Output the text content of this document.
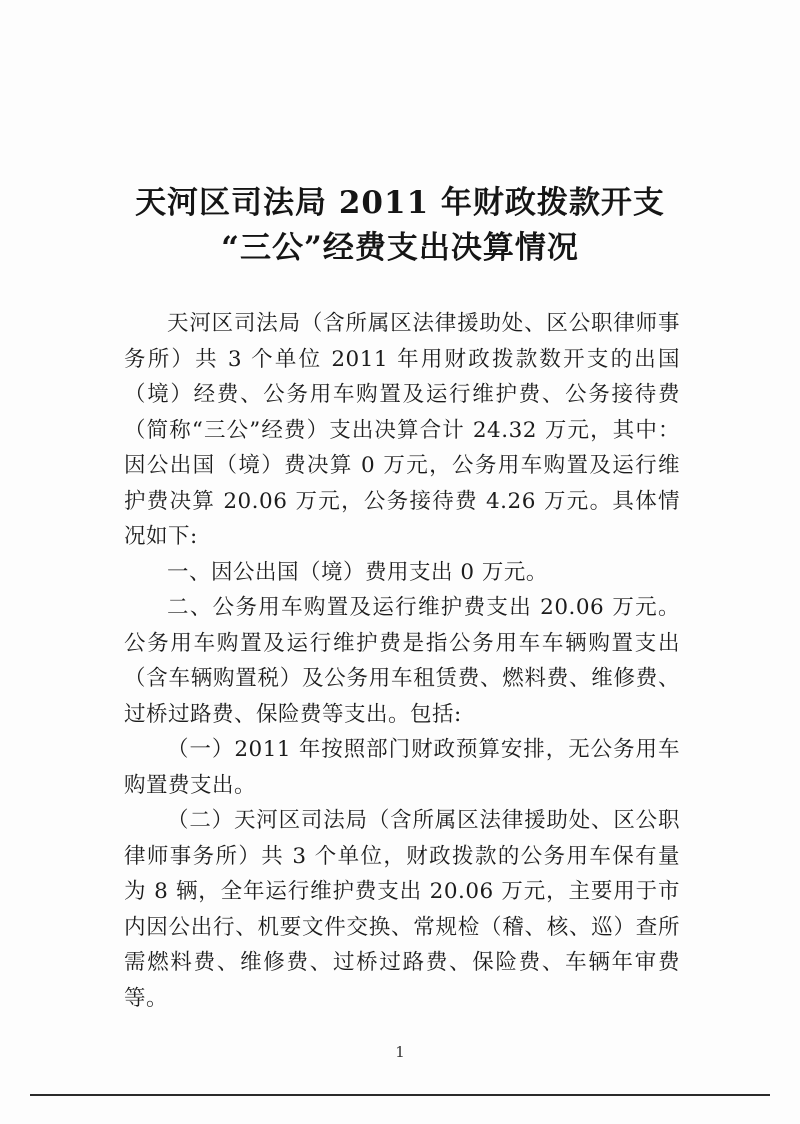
天河区司法局 2011 年财政拨款开支
“三公”经费支出决算情况

天河区司法局（含所属区法律援助处、区公职律师事务所）共 3 个单位 2011 年用财政拨款数开支的出国（境）经费、公务用车购置及运行维护费、公务接待费（简称“三公”经费）支出决算合计 24.32 万元，其中：因公出国（境）费决算 0 万元，公务用车购置及运行维护费决算 20.06 万元，公务接待费 4.26 万元。具体情况如下:

一、因公出国（境）费用支出 0 万元。

二、公务用车购置及运行维护费支出 20.06 万元。公务用车购置及运行维护费是指公务用车车辆购置支出（含车辆购置税）及公务用车租赁费、燃料费、维修费、过桥过路费、保险费等支出。包括:

（一）2011 年按照部门财政预算安排，无公务用车购置费支出。

（二）天河区司法局（含所属区法律援助处、区公职律师事务所）共 3 个单位，财政拨款的公务用车保有量为 8 辆，全年运行维护费支出 20.06 万元，主要用于市内因公出行、机要文件交换、常规检（稽、核、巡）查所需燃料费、维修费、过桥过路费、保险费、车辆年审费等。

1
